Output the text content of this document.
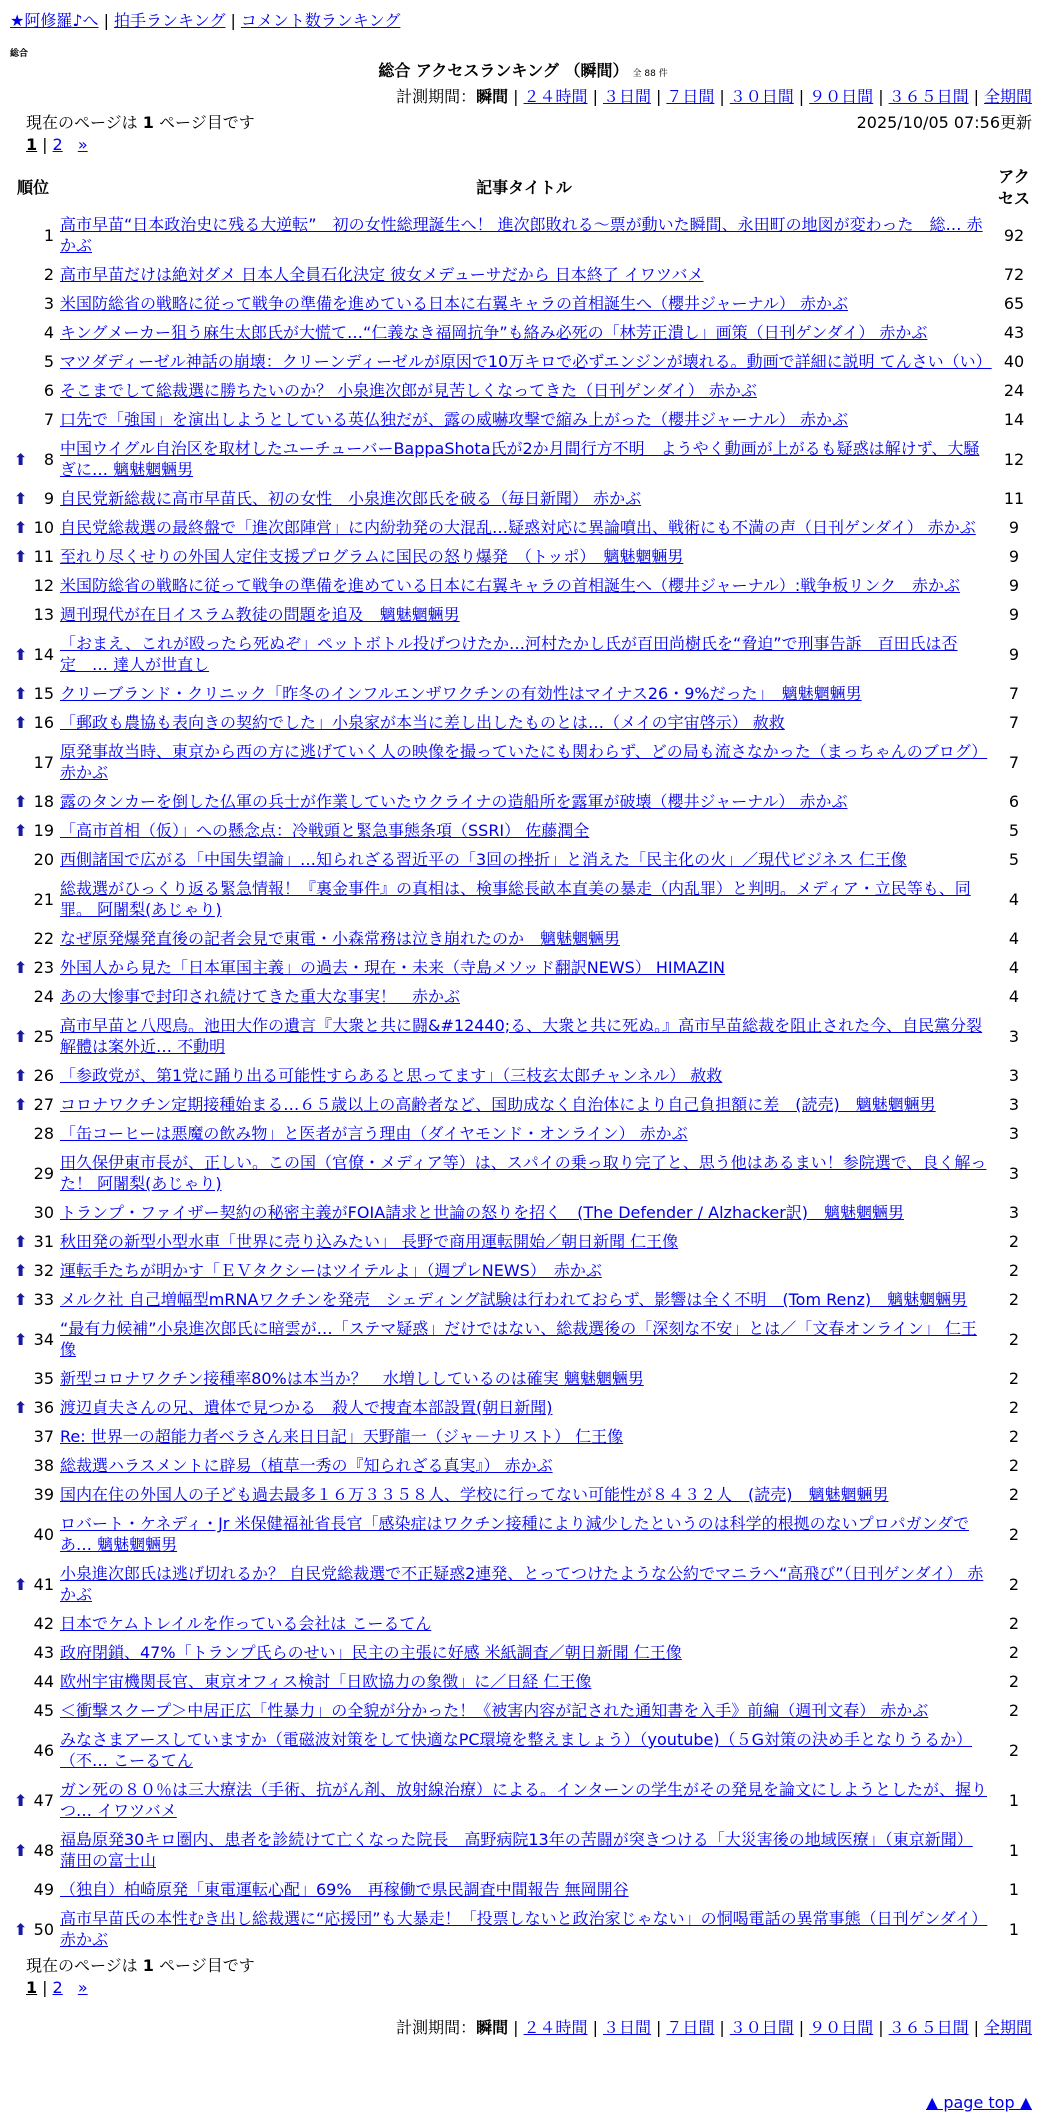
★阿修羅♪へ | 拍手ランキング | コメント数ランキング
総合
総合 アクセスランキング （瞬間） 全 88 件
計測期間：瞬間 | ２４時間 | ３日間 | ７日間 | ３０日間 | ９０日間 | ３６５日間 | 全期間
現在のページは 1 ページ目です	2025/10/05 07:56更新
1 | 2 »
順位	記事タイトル	アクセス
1	高市早苗“日本政治史に残る大逆転”　初の女性総理誕生へ！ 進次郎敗れる〜票が動いた瞬間、永田町の地図が変わった　総… 赤かぶ	92
2	高市早苗だけは絶対ダメ 日本人全員石化決定 彼女メデューサだから 日本終了 イワツバメ	72
3	米国防総省の戦略に従って戦争の準備を進めている日本に右翼キャラの首相誕生へ（櫻井ジャーナル） 赤かぶ	65
4	キングメーカー狙う麻生太郎氏が大慌て…“仁義なき福岡抗争”も絡み必死の「林芳正潰し」画策（日刊ゲンダイ） 赤かぶ	43
5	マツダディーゼル神話の崩壊：クリーンディーゼルが原因で10万キロで必ずエンジンが壊れる。動画で詳細に説明 てんさい（い）	40
6	そこまでして総裁選に勝ちたいのか？ 小泉進次郎が見苦しくなってきた（日刊ゲンダイ） 赤かぶ	24
7	口先で「強国」を演出しようとしている英仏独だが、露の威嚇攻撃で縮み上がった（櫻井ジャーナル） 赤かぶ	14

⬆ 8	中国ウイグル自治区を取材したユーチューバーBappaShota氏が2か月間行方不明　ようやく動画が上がるも疑惑は解けず、大騒ぎに… 魑魅魍魎男	12

⬆ 9	自民党新総裁に高市早苗氏、初の女性　小泉進次郎氏を破る（毎日新聞） 赤かぶ	11

⬆ 10	自民党総裁選の最終盤で「進次郎陣営」に内紛勃発の大混乱…疑惑対応に異論噴出、戦術にも不満の声（日刊ゲンダイ） 赤かぶ	9

⬆ 11	至れり尽くせりの外国人定住支援プログラムに国民の怒り爆発　（トッポ）　魑魅魍魎男	9
12	米国防総省の戦略に従って戦争の準備を進めている日本に右翼キャラの首相誕生へ（櫻井ジャーナル）:戦争板リンク　赤かぶ	9
13	週刊現代が在日イスラム教徒の問題を追及　魑魅魍魎男	9

⬆ 14	「おまえ、これが殴ったら死ぬぞ」ペットボトル投げつけたか…河村たかし氏が百田尚樹氏を“脅迫”で刑事告訴　百田氏は否定　… 達人が世直し	9

⬆ 15	クリーブランド・クリニック「昨冬のインフルエンザワクチンの有効性はマイナス26・9%だった」　魑魅魍魎男	7

⬆ 16	「郵政も農協も表向きの契約でした」小泉家が本当に差し出したものとは…（メイの宇宙啓示） 赦救	7
17	原発事故当時、東京から西の方に逃げていく人の映像を撮っていたにも関わらず、どの局も流さなかった（まっちゃんのブログ） 赤かぶ	7

⬆ 18	露のタンカーを倒した仏軍の兵士が作業していたウクライナの造船所を露軍が破壊（櫻井ジャーナル） 赤かぶ	6

⬆ 19	「高市首相（仮）」への懸念点：冷戦頭と緊急事態条項（SSRI） 佐藤潤全	5
20	西側諸国で広がる「中国失望論」…知られざる習近平の「3回の挫折」と消えた「民主化の火」／現代ビジネス 仁王像	5
21	総裁選がひっくり返る緊急情報！『裏金事件』の真相は、検事総長畝本直美の暴走（内乱罪）と判明。メディア・立民等も、同罪。 阿闍梨(あじゃり)	4
22	なぜ原発爆発直後の記者会見で東電・小森常務は泣き崩れたのか　魑魅魍魎男	4

⬆ 23	外国人から見た「日本軍国主義」の過去・現在・未来（寺島メソッド翻訳NEWS） HIMAZIN	4
24	あの大惨事で封印され続けてきた重大な事実！　赤かぶ	4

⬆ 25	高市早苗と八咫烏。池田大作の遺言『大衆と共に闘&#12440;る、大衆と共に死ぬ。』高市早苗総裁を阻止された今、自民黨分裂解體は案外近… 不動明	3

⬆ 26	「参政党が、第1党に踊り出る可能性すらあると思ってます」（三枝玄太郎チャンネル） 赦救	3

⬆ 27	コロナワクチン定期接種始まる…６５歳以上の高齢者など、国助成なく自治体により自己負担額に差　(読売)　魑魅魍魎男	3
28	「缶コーヒーは悪魔の飲み物」と医者が言う理由（ダイヤモンド・オンライン） 赤かぶ	3
29	田久保伊東市長が、正しい。この国（官僚・メディア等）は、スパイの乗っ取り完了と、思う他はあるまい！参院選で、良く解った！ 阿闍梨(あじゃり)	3
30	トランプ・ファイザー契約の秘密主義がFOIA請求と世論の怒りを招く　(The Defender / Alzhacker訳)　魑魅魍魎男	3

⬆ 31	秋田発の新型小型水車「世界に売り込みたい」 長野で商用運転開始／朝日新聞 仁王像	2

⬆ 32	運転手たちが明かす「ＥＶタクシーはツイテルよ」（週プレNEWS）　赤かぶ	2

⬆ 33	メルク社 自己増幅型mRNAワクチンを発売　シェディング試験は行われておらず、影響は全く不明　(Tom Renz)　魑魅魍魎男	2

⬆ 34	“最有力候補”小泉進次郎氏に暗雲が…「ステマ疑惑」だけではない、総裁選後の「深刻な不安」とは／「文春オンライン」 仁王像	2
35	新型コロナワクチン接種率80%は本当か？　水増ししているのは確実 魑魅魍魎男	2

⬆ 36	渡辺貞夫さんの兄、遺体で見つかる　殺人で捜査本部設置(朝日新聞)	2
37	Re: 世界一の超能力者ベラさん来日日記」天野龍一（ジャ－ナリスト） 仁王像	2
38	総裁選ハラスメントに辟易（植草一秀の『知られざる真実』） 赤かぶ	2
39	国内在住の外国人の子ども過去最多１６万３３５８人、学校に行ってない可能性が８４３２人　(読売)　魑魅魍魎男	2
40	ロバート・ケネディ・Jr 米保健福祉省長官「感染症はワクチン接種により減少したというのは科学的根拠のないプロパガンダであ… 魑魅魍魎男	2

⬆ 41	小泉進次郎氏は逃げ切れるか？ 自民党総裁選で不正疑惑2連発、とってつけたような公約でマニラへ“高飛び”（日刊ゲンダイ） 赤かぶ	2
42	日本でケムトレイルを作っている会社は こーるてん	2
43	政府閉鎖、47%「トランプ氏らのせい」民主の主張に好感 米紙調査／朝日新聞 仁王像	2
44	欧州宇宙機関長官、東京オフィス検討「日欧協力の象徴」に／日経 仁王像	2
45	＜衝撃スクープ＞中居正広「性暴力」の全貌が分かった！《被害内容が記された通知書を入手》前編（週刊文春） 赤かぶ	2
46	みなさまアースしていますか（電磁波対策をして快適なPC環境を整えましょう）（youtube)（５G対策の決め手となりうるか）（不… こーるてん	2

⬆ 47	ガン死の８０％は三大療法（手術、抗がん剤、放射線治療）による。インターンの学生がその発見を論文にしようとしたが、握りつ… イワツバメ	1

⬆ 48	福島原発30キロ圏内、患者を診続けて亡くなった院長　高野病院13年の苦闘が突きつける「大災害後の地域医療」（東京新聞） 蒲田の富士山	1
49	（独自）柏崎原発「東電運転心配」69%　再稼働で県民調査中間報告 無岡開谷	1

⬆ 50	高市早苗氏の本性むき出し総裁選に“応援団”も大暴走！「投票しないと政治家じゃない」の恫喝電話の異常事態（日刊ゲンダイ） 赤かぶ	1
現在のページは 1 ページ目です
1 | 2 »
計測期間：瞬間 | ２４時間 | ３日間 | ７日間 | ３０日間 | ９０日間 | ３６５日間 | 全期間
▲ page top ▲
